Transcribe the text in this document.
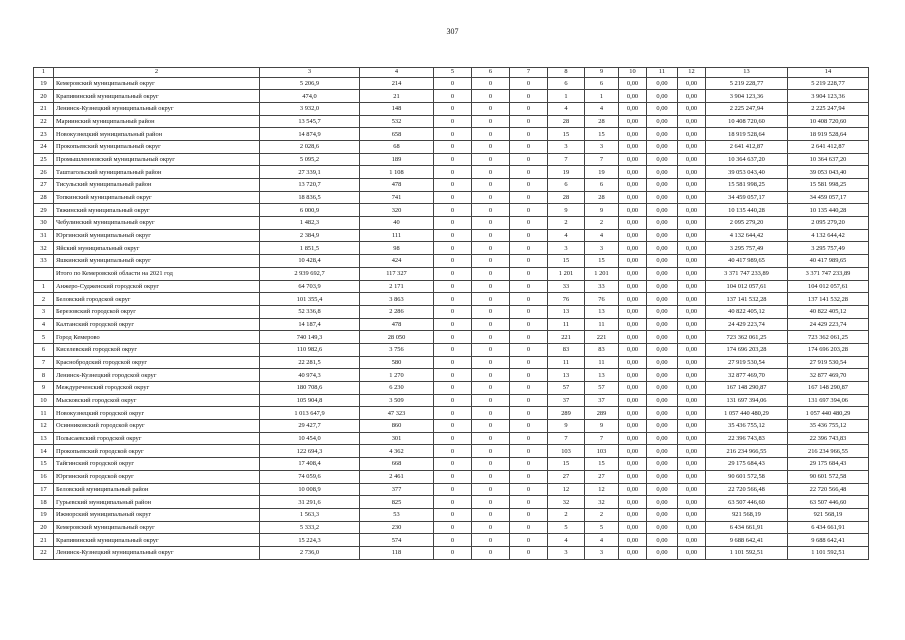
307
1	2	3	4	5	6	7	8	9	10	11	12	13	14
19	Кемеровский муниципальный округ	5 206,9	214	0	0	0	6	6	0,00	0,00	0,00	5 219 228,77	5 219 228,77
20	Крапивинский муниципальный округ	474,0	21	0	0	0	1	1	0,00	0,00	0,00	3 904 123,36	3 904 123,36
21	Ленинск-Кузнецкий муниципальный округ	3 932,0	148	0	0	0	4	4	0,00	0,00	0,00	2 225 247,94	2 225 247,94
22	Мариинский муниципальный район	13 545,7	532	0	0	0	28	28	0,00	0,00	0,00	10 408 720,60	10 408 720,60
23	Новокузнецкий муниципальный район	14 874,9	658	0	0	0	15	15	0,00	0,00	0,00	18 919 528,64	18 919 528,64
24	Прокопьевский муниципальный округ	2 028,6	68	0	0	0	3	3	0,00	0,00	0,00	2 641 412,87	2 641 412,87
25	Промышленновский муниципальный округ	5 095,2	189	0	0	0	7	7	0,00	0,00	0,00	10 364 637,20	10 364 637,20
26	Таштагольский муниципальный район	27 339,1	1 108	0	0	0	19	19	0,00	0,00	0,00	39 053 043,40	39 053 043,40
27	Тисульский муниципальный район	13 720,7	478	0	0	0	6	6	0,00	0,00	0,00	15 581 998,25	15 581 998,25
28	Топкинский муниципальный округ	18 836,5	741	0	0	0	28	28	0,00	0,00	0,00	34 459 057,17	34 459 057,17
29	Тяжинский муниципальный округ	6 000,9	320	0	0	0	9	9	0,00	0,00	0,00	10 135 440,28	10 135 440,28
30	Чебулинский муниципальный округ	1 482,3	40	0	0	0	2	2	0,00	0,00	0,00	2 095 279,20	2 095 279,20
31	Юргинский муниципальный округ	2 384,9	111	0	0	0	4	4	0,00	0,00	0,00	4 132 644,42	4 132 644,42
32	Яйский муниципальный округ	1 851,5	98	0	0	0	3	3	0,00	0,00	0,00	3 295 757,49	3 295 757,49
33	Яшкинский муниципальный округ	10 428,4	424	0	0	0	15	15	0,00	0,00	0,00	40 417 989,65	40 417 989,65
	Итого по Кемеровской области на 2021 год	2 939 692,7	117 327	0	0	0	1 201	1 201	0,00	0,00	0,00	3 371 747 233,89	3 371 747 233,89
1	Анжеро-Судженский городской округ	64 703,9	2 171	0	0	0	33	33	0,00	0,00	0,00	104 012 057,61	104 012 057,61
2	Беловский городской округ	101 355,4	3 863	0	0	0	76	76	0,00	0,00	0,00	137 141 532,28	137 141 532,28
3	Березовский городской округ	52 336,8	2 286	0	0	0	13	13	0,00	0,00	0,00	40 822 405,12	40 822 405,12
4	Калтанский городской округ	14 187,4	478	0	0	0	11	11	0,00	0,00	0,00	24 429 223,74	24 429 223,74
5	Город Кемерово	740 149,3	28 050	0	0	0	221	221	0,00	0,00	0,00	723 362 061,25	723 362 061,25
6	Киселевский городской округ	110 982,6	3 756	0	0	0	83	83	0,00	0,00	0,00	174 696 203,28	174 696 203,28
7	Краснобродский городской округ	22 281,5	580	0	0	0	11	11	0,00	0,00	0,00	27 919 530,54	27 919 530,54
8	Ленинск-Кузнецкий городской округ	40 974,3	1 270	0	0	0	13	13	0,00	0,00	0,00	32 877 469,70	32 877 469,70
9	Междуреченский городской округ	180 708,6	6 230	0	0	0	57	57	0,00	0,00	0,00	167 148 290,87	167 148 290,87
10	Мысковский городской округ	105 904,8	3 509	0	0	0	37	37	0,00	0,00	0,00	131 697 394,06	131 697 394,06
11	Новокузнецкий городской округ	1 013 647,9	47 323	0	0	0	289	289	0,00	0,00	0,00	1 057 440 480,29	1 057 440 480,29
12	Осинниковский городской округ	29 427,7	860	0	0	0	9	9	0,00	0,00	0,00	35 436 755,12	35 436 755,12
13	Полысаевский городской округ	10 454,0	301	0	0	0	7	7	0,00	0,00	0,00	22 396 743,83	22 396 743,83
14	Прокопьевский городской округ	122 694,3	4 362	0	0	0	103	103	0,00	0,00	0,00	216 234 966,55	216 234 966,55
15	Тайгинский городской округ	17 408,4	668	0	0	0	15	15	0,00	0,00	0,00	29 175 684,43	29 175 684,43
16	Юргинский городской округ	74 059,6	2 461	0	0	0	27	27	0,00	0,00	0,00	90 601 572,58	90 601 572,58
17	Беловский муниципальный район	10 008,9	377	0	0	0	12	12	0,00	0,00	0,00	22 720 566,48	22 720 566,48
18	Гурьевский муниципальный район	31 291,6	825	0	0	0	32	32	0,00	0,00	0,00	63 507 446,60	63 507 446,60
19	Ижморский муниципальный округ	1 563,3	53	0	0	0	2	2	0,00	0,00	0,00	921 568,19	921 568,19
20	Кемеровский муниципальный округ	5 333,2	230	0	0	0	5	5	0,00	0,00	0,00	6 434 661,91	6 434 661,91
21	Крапивинский муниципальный округ	15 224,3	574	0	0	0	4	4	0,00	0,00	0,00	9 688 642,41	9 688 642,41
22	Ленинск-Кузнецкий муниципальный округ	2 736,0	118	0	0	0	3	3	0,00	0,00	0,00	1 101 592,51	1 101 592,51
